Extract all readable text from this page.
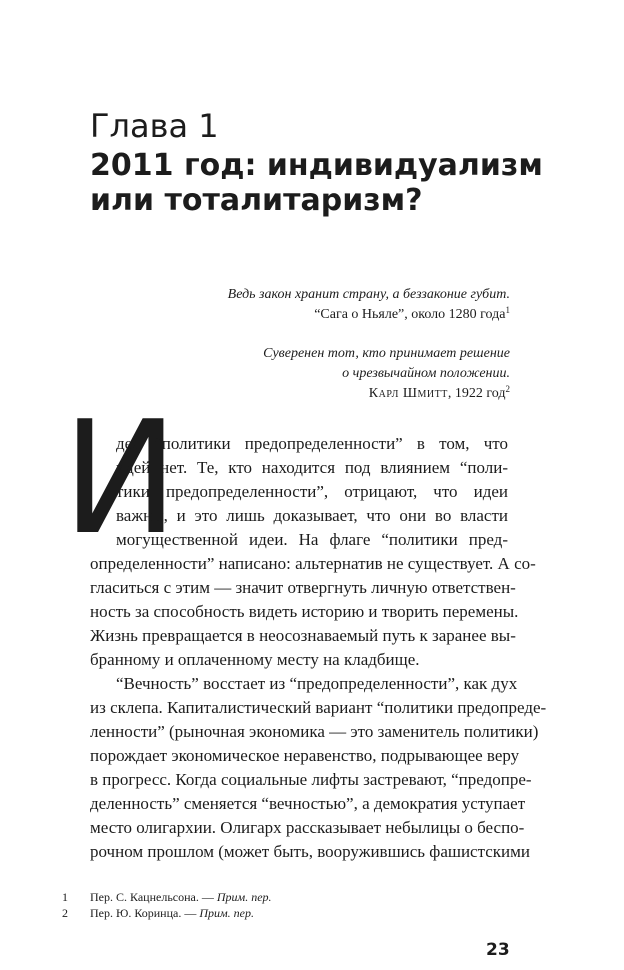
Глава 1
2011 год: индивидуализм
или тоталитаризм?
Ведь закон хранит страну, а беззаконие губит.
“Сага о Ньяле”, около 1280 года$^1$
Суверенен тот, кто принимает решение
о чрезвычайном положении.
Карл Шмитт, 1922 год$^2$
И
дея “политики предопределенности” в том, что
идей нет. Те, кто находится под влиянием “поли-
тики предопределенности”, отрицают, что идеи
важны, и это лишь доказывает, что они во власти
могущественной идеи. На флаге “политики пред-
определенности” написано: альтернатив не существует. А со-
гласиться с этим — значит отвергнуть личную ответствен-
ность за способность видеть историю и творить перемены.
Жизнь превращается в неосознаваемый путь к заранее вы-
бранному и оплаченному месту на кладбище.
“Вечность” восстает из “предопределенности”, как дух
из склепа. Капиталистический вариант “политики предопреде-
ленности” (рыночная экономика — это заменитель политики)
порождает экономическое неравенство, подрывающее веру
в прогресс. Когда социальные лифты застревают, “предопре-
деленность” сменяется “вечностью”, а демократия уступает
место олигархии. Олигарх рассказывает небылицы о беспо-
рочном прошлом (может быть, вооружившись фашистскими
1 Пер. С. Кацнельсона. — Прим. пер.
2 Пер. Ю. Коринца. — Прим. пер.
23
